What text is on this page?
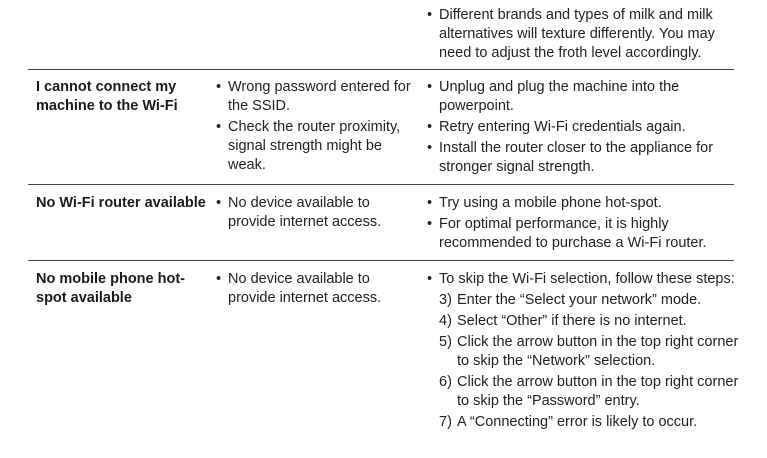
• Different brands and types of milk and milk alternatives will texture differently. You may need to adjust the froth level accordingly.
I cannot connect my machine to the Wi-Fi
• Wrong password entered for the SSID.
• Check the router proximity, signal strength might be weak.
• Unplug and plug the machine into the powerpoint.
• Retry entering Wi-Fi credentials again.
• Install the router closer to the appliance for stronger signal strength.
No Wi-Fi router available
•	No device available to provide internet access.
• Try using a mobile phone hot-spot.
• For optimal performance, it is highly recommended to purchase a Wi-Fi router.
No mobile phone hot-spot available
• No device available to provide internet access.
• To skip the Wi-Fi selection, follow these steps:
3) Enter the “Select your network” mode.
4) Select “Other” if there is no internet.
5) Click the arrow button in the top right corner to skip the “Network” selection.
6) Click the arrow button in the top right corner to skip the “Password” entry.
7) A “Connecting” error is likely to occur.
